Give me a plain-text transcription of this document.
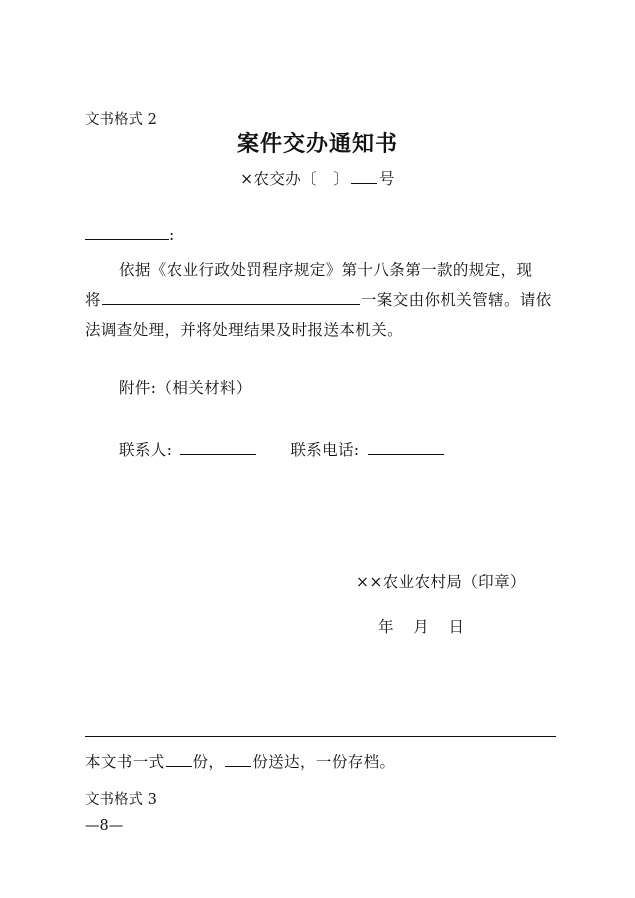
文书格式 2
案件交办通知书
×农交办〔 〕 号
:
依据《农业行政处罚程序规定》第十八条第一款的规定，现
将	一案交由你机关管辖。请依
法调查处理，并将处理结果及时报送本机关。
附件:（相关材料）
联系人:	联系电话:
××农业农村局（印章）
年 月 日
本文书一式 份， 份送达，一份存档。
文书格式 3
—8—
